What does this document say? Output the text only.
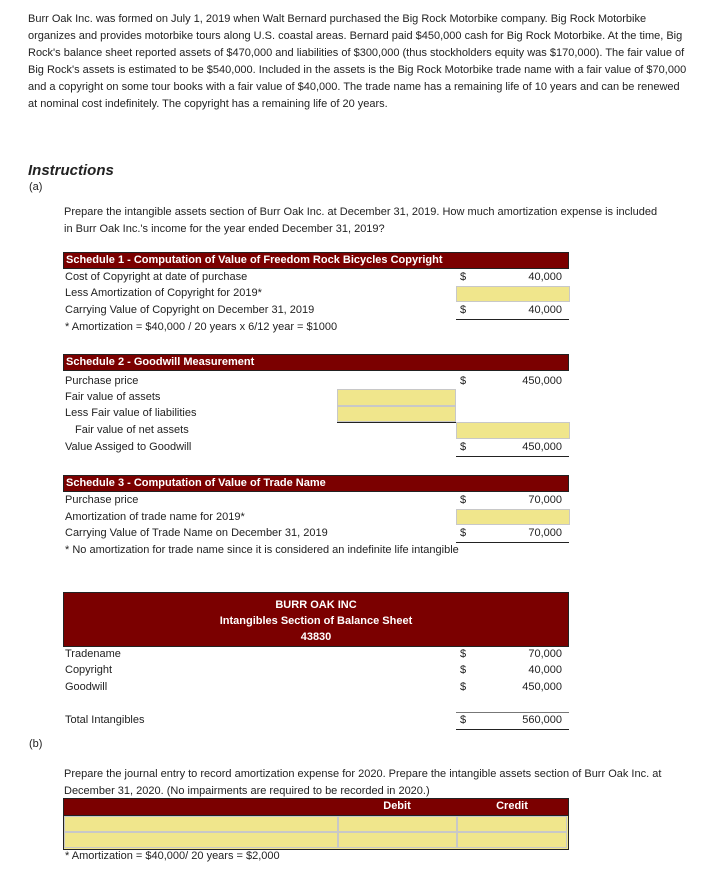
Burr Oak Inc. was formed on July 1, 2019 when Walt Bernard purchased the Big Rock Motorbike company. Big Rock Motorbike organizes and provides motorbike tours along U.S. coastal areas. Bernard paid $450,000 cash for Big Rock Motorbike. At the time, Big Rock's balance sheet reported assets of $470,000 and liabilities of $300,000 (thus stockholders equity was $170,000). The fair value of Big Rock's assets is estimated to be $540,000. Included in the assets is the Big Rock Motorbike trade name with a fair value of $70,000 and a copyright on some tour books with a fair value of $40,000. The trade name has a remaining life of 10 years and can be renewed at nominal cost indefinitely. The copyright has a remaining life of 20 years.
Instructions
(a)
Prepare the intangible assets section of Burr Oak Inc. at December 31, 2019. How much amortization expense is included in Burr Oak Inc.'s income for the year ended December 31, 2019?
Schedule 1 - Computation of Value of Freedom Rock Bicycles Copyright
Cost of Copyright at date of purchase	$	40,000
Less Amortization of Copyright for 2019*
Carrying Value of Copyright on December 31, 2019	$	40,000
* Amortization = $40,000 / 20 years x 6/12 year = $1000
Schedule 2 - Goodwill Measurement
Purchase price	$	450,000
Fair value of assets
Less Fair value of liabilities
Fair value of net assets
Value Assiged to Goodwill	$	450,000
Schedule 3 - Computation of Value of Trade Name
Purchase price	$	70,000
Amortization of trade name for 2019*
Carrying Value of Trade Name on December 31, 2019	$	70,000
* No amortization for trade name since it is considered an indefinite life intangible
BURR OAK INC
Intangibles Section of Balance Sheet
43830
Tradename	$	70,000
Copyright	$	40,000
Goodwill	$	450,000
Total Intangibles	$	560,000
(b)
Prepare the journal entry to record amortization expense for 2020. Prepare the intangible assets section of Burr Oak Inc. at December 31, 2020. (No impairments are required to be recorded in 2020.)
Debit	Credit
* Amortization = $40,000/ 20 years = $2,000
